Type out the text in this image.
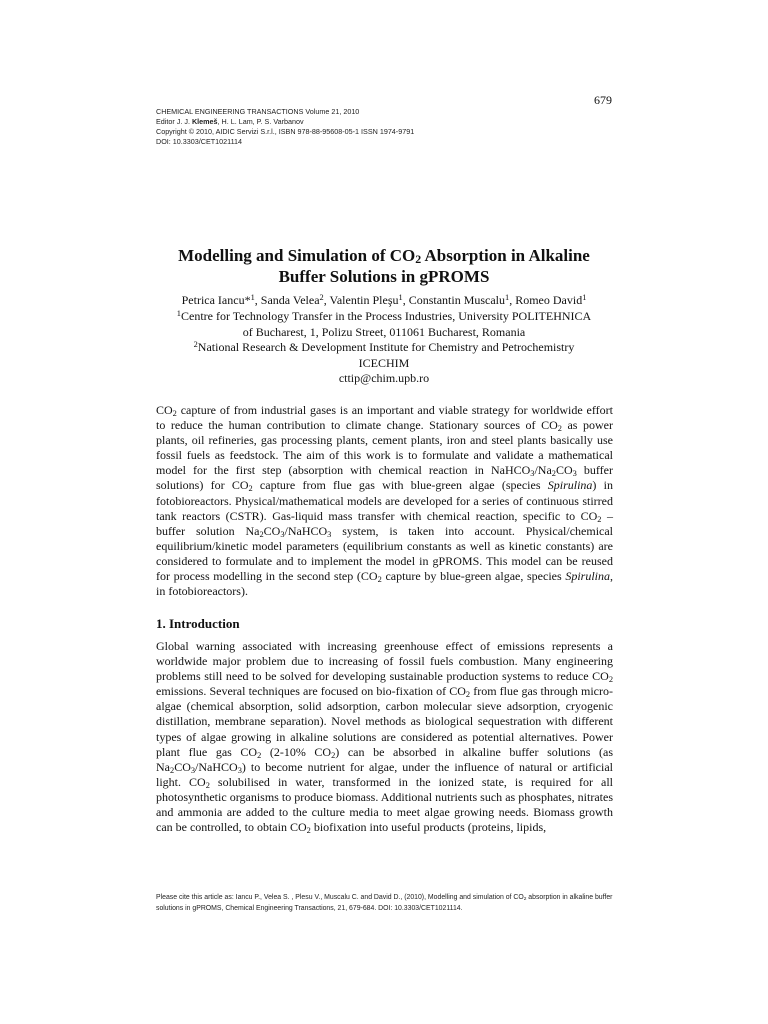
679
CHEMICAL ENGINEERING TRANSACTIONS Volume 21, 2010
Editor J. J. Klemeš, H. L. Lam, P. S. Varbanov
Copyright © 2010, AIDIC Servizi S.r.l., ISBN 978-88-95608-05-1 ISSN 1974-9791
DOI: 10.3303/CET1021114
Modelling and Simulation of $CO_2$ Absorption in Alkaline
Buffer Solutions in gPROMS
Petrica Iancu*$^1$, Sanda Velea$^2$, Valentin Pleşu$^1$, Constantin Muscalu$^1$, Romeo David$^1$
$^1$Centre for Technology Transfer in the Process Industries, University POLITEHNICA
of Bucharest, 1, Polizu Street, 011061 Bucharest, Romania
$^2$National Research & Development Institute for Chemistry and Petrochemistry
ICECHIM
cttip@chim.upb.ro
$CO_2$ capture of from industrial gases is an important and viable strategy for worldwide effort to reduce the human contribution to climate change. Stationary sources of $CO_2$ as power plants, oil refineries, gas processing plants, cement plants, iron and steel plants basically use fossil fuels as feedstock. The aim of this work is to formulate and validate a mathematical model for the first step (absorption with chemical reaction in $NaHCO_3/Na_2CO_3$ buffer solutions) for $CO_2$ capture from flue gas with blue-green algae (species Spirulina) in fotobioreactors. Physical/mathematical models are developed for a series of continuous stirred tank reactors (CSTR). Gas-liquid mass transfer with chemical reaction, specific to $CO_2$ – buffer solution $Na_2CO_3/NaHCO_3$ system, is taken into account. Physical/chemical equilibrium/kinetic model parameters (equilibrium constants as well as kinetic constants) are considered to formulate and to implement the model in gPROMS. This model can be reused for process modelling in the second step ($CO_2$ capture by blue-green algae, species Spirulina, in fotobioreactors).
1. Introduction
Global warning associated with increasing greenhouse effect of emissions represents a worldwide major problem due to increasing of fossil fuels combustion. Many engineering problems still need to be solved for developing sustainable production systems to reduce $CO_2$ emissions. Several techniques are focused on bio-fixation of $CO_2$ from flue gas through micro-algae (chemical absorption, solid adsorption, carbon molecular sieve adsorption, cryogenic distillation, membrane separation). Novel methods as biological sequestration with different types of algae growing in alkaline solutions are considered as potential alternatives. Power plant flue gas $CO_2$ (2-10% $CO_2$) can be absorbed in alkaline buffer solutions (as $Na_2CO_3/NaHCO_3$) to become nutrient for algae, under the influence of natural or artificial light. $CO_2$ solubilised in water, transformed in the ionized state, is required for all photosynthetic organisms to produce biomass. Additional nutrients such as phosphates, nitrates and ammonia are added to the culture media to meet algae growing needs. Biomass growth can be controlled, to obtain $CO_2$ biofixation into useful products (proteins, lipids,
Please cite this article as: Iancu P., Velea S. , Plesu V., Muscalu C. and David D., (2010), Modelling and simulation of $CO_2$ absorption in alkaline buffer solutions in gPROMS, Chemical Engineering Transactions, 21, 679-684. DOI: 10.3303/CET1021114.
